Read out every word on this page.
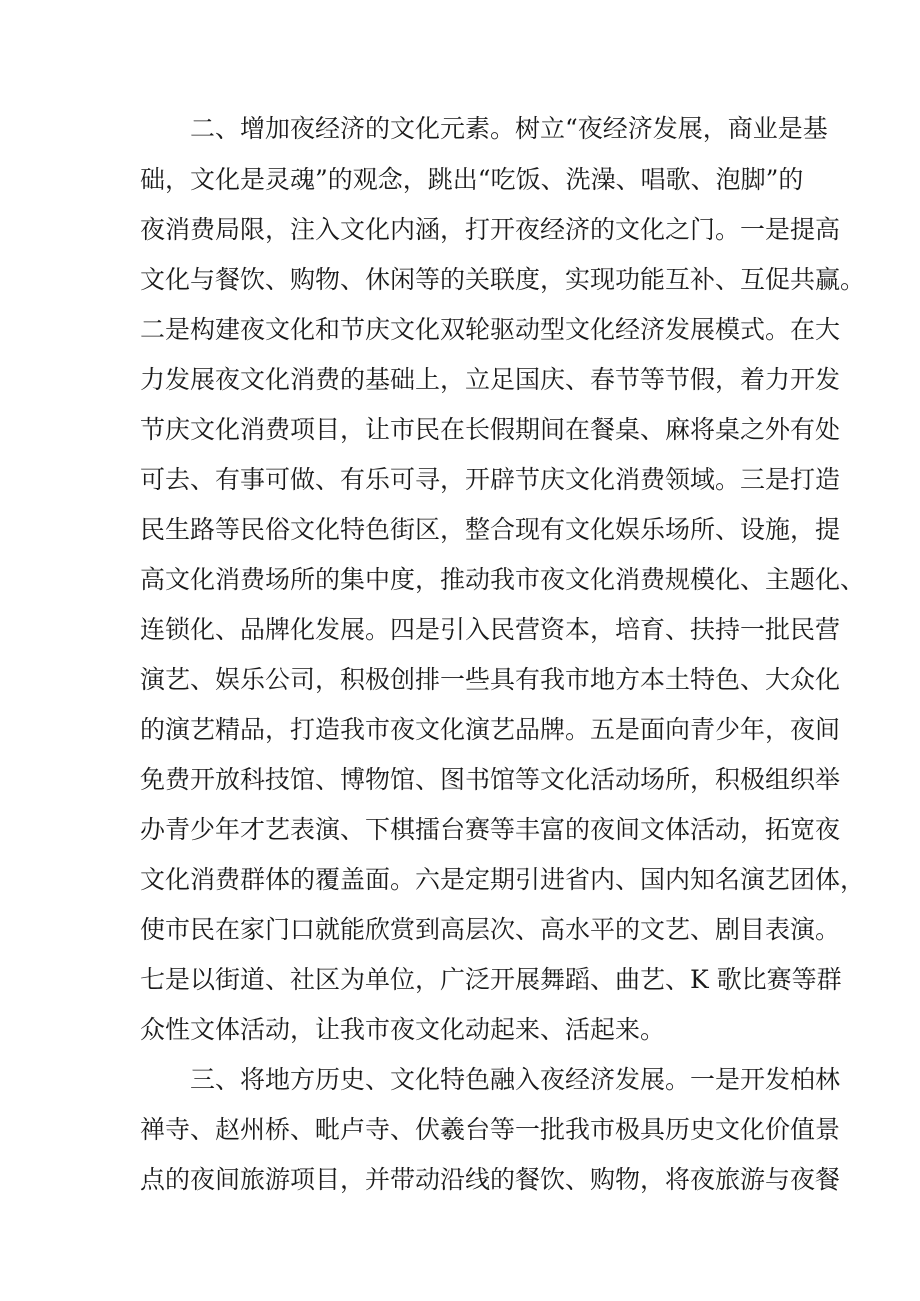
二、增加夜经济的文化元素。树立“夜经济发展，商业是基
础，文化是灵魂”的观念，跳出“吃饭、洗澡、唱歌、泡脚”的
夜消费局限，注入文化内涵，打开夜经济的文化之门。一是提高
文化与餐饮、购物、休闲等的关联度，实现功能互补、互促共赢。
二是构建夜文化和节庆文化双轮驱动型文化经济发展模式。在大
力发展夜文化消费的基础上，立足国庆、春节等节假，着力开发
节庆文化消费项目，让市民在长假期间在餐桌、麻将桌之外有处
可去、有事可做、有乐可寻，开辟节庆文化消费领域。三是打造
民生路等民俗文化特色街区，整合现有文化娱乐场所、设施，提
高文化消费场所的集中度，推动我市夜文化消费规模化、主题化、
连锁化、品牌化发展。四是引入民营资本，培育、扶持一批民营
演艺、娱乐公司，积极创排一些具有我市地方本土特色、大众化
的演艺精品，打造我市夜文化演艺品牌。五是面向青少年，夜间
免费开放科技馆、博物馆、图书馆等文化活动场所，积极组织举
办青少年才艺表演、下棋擂台赛等丰富的夜间文体活动，拓宽夜
文化消费群体的覆盖面。六是定期引进省内、国内知名演艺团体，
使市民在家门口就能欣赏到高层次、高水平的文艺、剧目表演。
七是以街道、社区为单位，广泛开展舞蹈、曲艺、K 歌比赛等群
众性文体活动，让我市夜文化动起来、活起来。
三、将地方历史、文化特色融入夜经济发展。一是开发柏林
禅寺、赵州桥、毗卢寺、伏羲台等一批我市极具历史文化价值景
点的夜间旅游项目，并带动沿线的餐饮、购物，将夜旅游与夜餐
